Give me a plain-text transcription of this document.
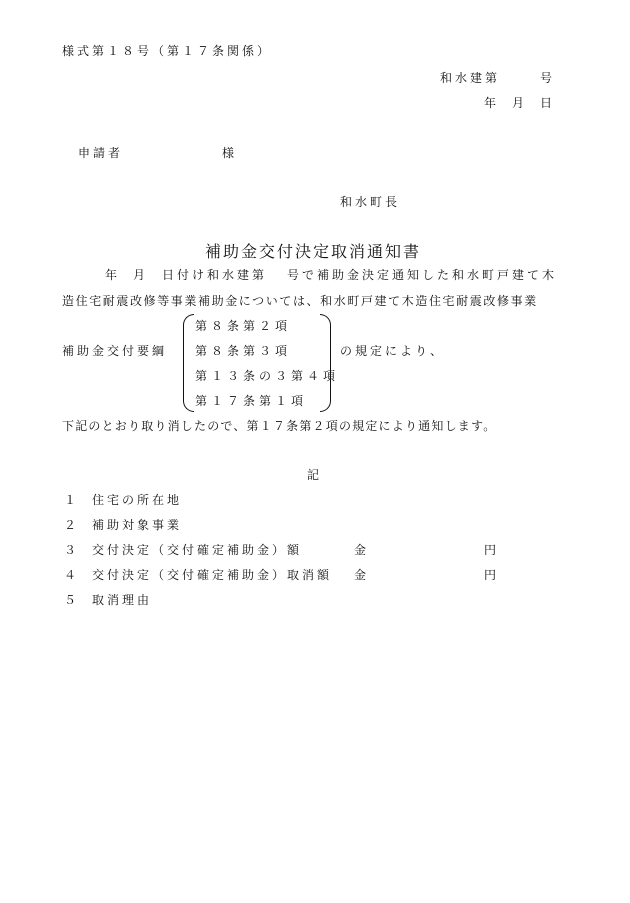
様式第１８号（第１７条関係）
和水建第	号
年 月 日
申請者	様
和水町長
補助金交付決定取消通知書
年 月 日付け和水建第 号で補助金決定通知した和水町戸建て木
造住宅耐震改修等事業補助金については、和水町戸建て木造住宅耐震改修事業
補助金交付要綱
第８条第２項
第８条第３項
第１３条の３第４項
第１７条第１項
の規定により、
下記のとおり取り消したので、第１７条第２項の規定により通知します。
記
１ 住宅の所在地
２ 補助対象事業
３ 交付決定（交付確定補助金）額	金	円
４ 交付決定（交付確定補助金）取消額 金	円
５ 取消理由
